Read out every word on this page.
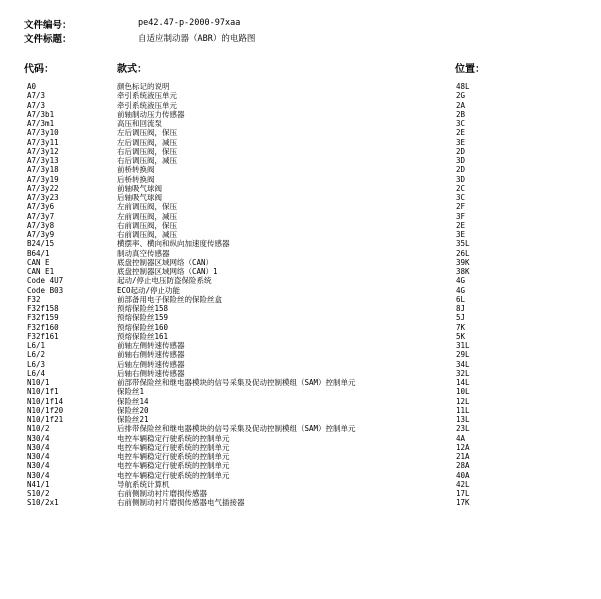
文件编号：	pe42.47-p-2000-97xaa
文件标题：	自适应制动器（ABR）的电路图
代码：	款式：	位置：
A0	颜色标记的说明	48L
A7/3	牵引系统液压单元	2G
A7/3	牵引系统液压单元	2A
A7/3b1	前轴制动压力传感器	2B
A7/3m1	高压和回流泵	3C
A7/3y10	左后调压阀，保压	2E
A7/3y11	左后调压阀，减压	3E
A7/3y12	右后调压阀，保压	2D
A7/3y13	右后调压阀，减压	3D
A7/3y18	前桥转换阀	2D
A7/3y19	后桥转换阀	3D
A7/3y22	前轴吸气球阀	2C
A7/3y23	后轴吸气球阀	3C
A7/3y6	左前调压阀，保压	2F
A7/3y7	左前调压阀，减压	3F
A7/3y8	右前调压阀，保压	2E
A7/3y9	右前调压阀，减压	3E
B24/15	横摆率、横向和纵向加速度传感器	35L
B64/1	制动真空传感器	26L
CAN E	底盘控制器区域网络（CAN）	39K
CAN E1	底盘控制器区域网络（CAN）1	38K
Code 4U7	起动/停止电压防盗保险系统	4G
Code B03	ECO起动/停止功能	4G
F32	前部备用电子保险丝的保险丝盒	6L
F32f158	预熔保险丝158	8J
F32f159	预熔保险丝159	5J
F32f160	预熔保险丝160	7K
F32f161	预熔保险丝161	5K
L6/1	前轴左侧转速传感器	31L
L6/2	前轴右侧转速传感器	29L
L6/3	后轴左侧转速传感器	34L
L6/4	后轴右侧转速传感器	32L
N10/1	前部带保险丝和继电器模块的信号采集及促动控制模组（SAM）控制单元	14L
N10/1f1	保险丝1	10L
N10/1f14	保险丝14	12L
N10/1f20	保险丝20	11L
N10/1f21	保险丝21	13L
N10/2	后排带保险丝和继电器模块的信号采集及促动控制模组（SAM）控制单元	23L
N30/4	电控车辆稳定行驶系统的控制单元	4A
N30/4	电控车辆稳定行驶系统的控制单元	12A
N30/4	电控车辆稳定行驶系统的控制单元	21A
N30/4	电控车辆稳定行驶系统的控制单元	28A
N30/4	电控车辆稳定行驶系统的控制单元	40A
N41/1	导航系统计算机	42L
S10/2	右前侧制动衬片磨损传感器	17L
S10/2x1	右前侧制动衬片磨损传感器电气插接器	17K
